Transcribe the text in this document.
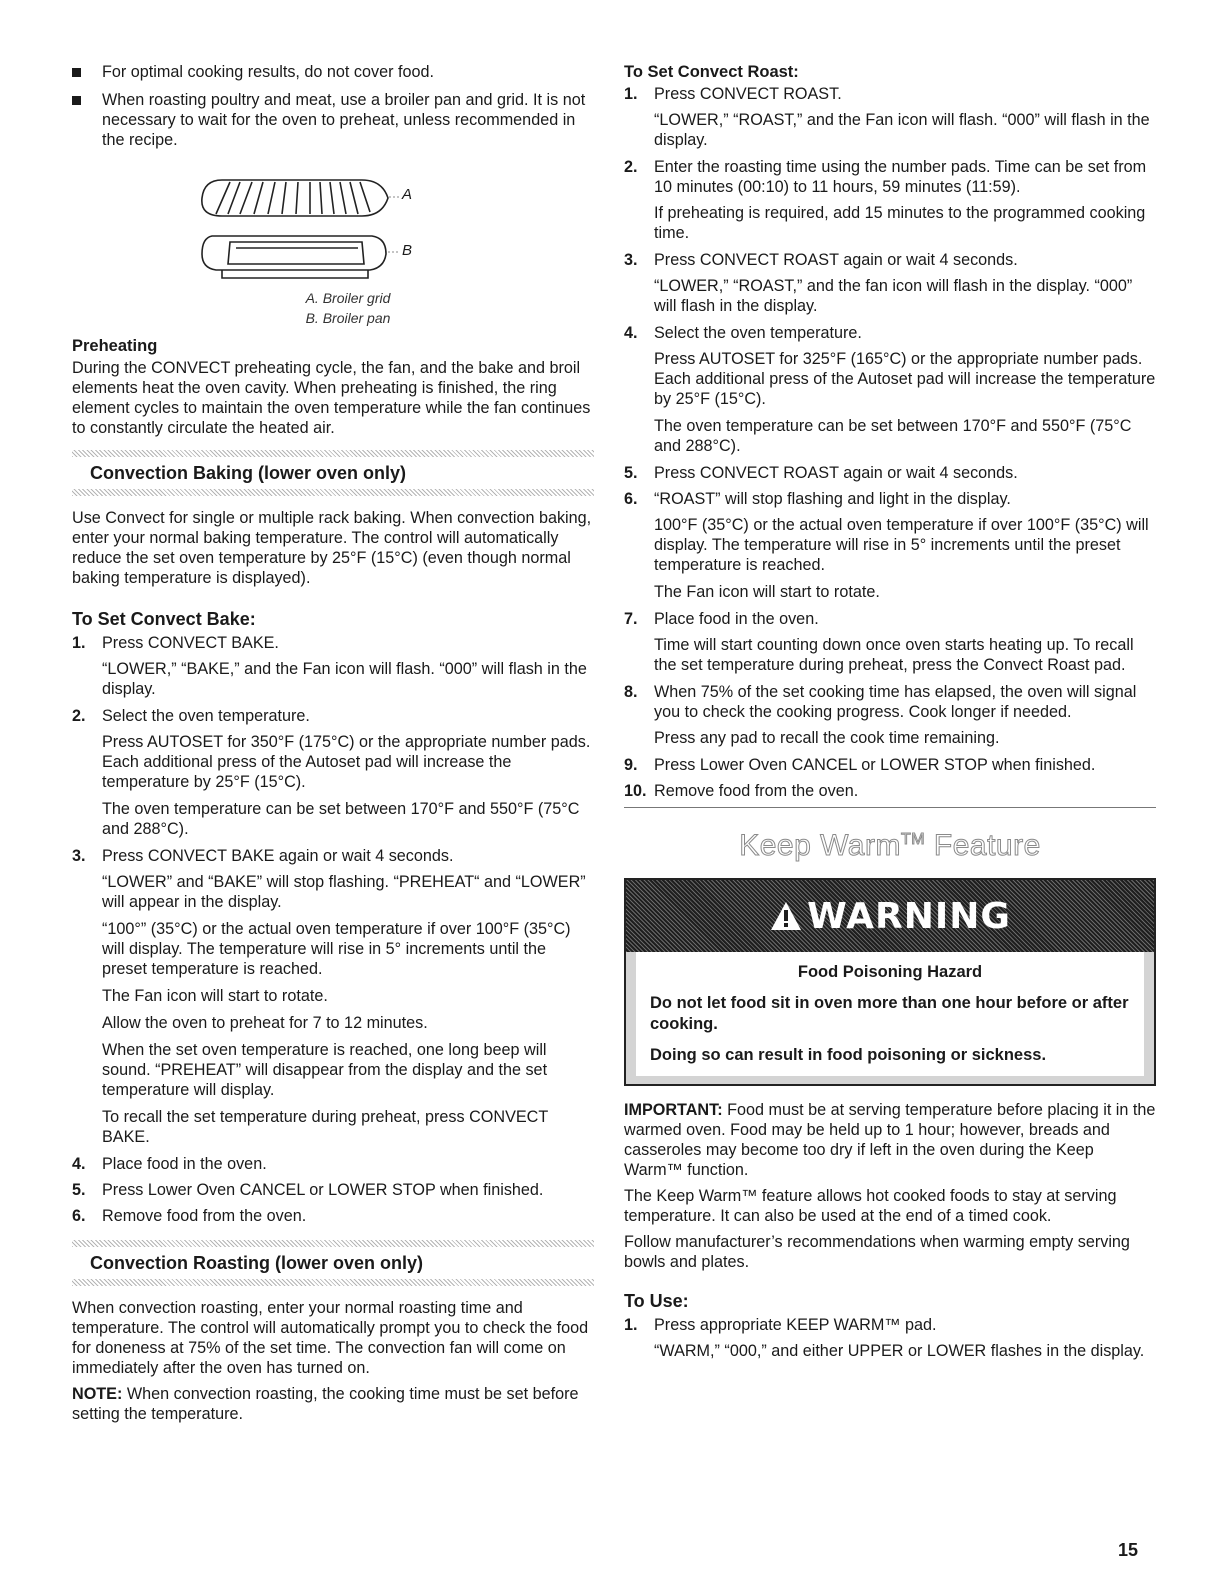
For optimal cooking results, do not cover food.
When roasting poultry and meat, use a broiler pan and grid. It is not necessary to wait for the oven to preheat, unless recommended in the recipe.
A
B

A. Broiler grid

B. Broiler pan

Preheating

During the CONVECT preheating cycle, the fan, and the bake and broil elements heat the oven cavity. When preheating is finished, the ring element cycles to maintain the oven temperature while the fan continues to constantly circulate the heated air.

Convection Baking (lower oven only)

Use Convect for single or multiple rack baking. When convection baking, enter your normal baking temperature. The control will automatically reduce the set oven temperature by 25°F (15°C) (even though normal baking temperature is displayed).

To Set Convect Bake:

1. Press CONVECT BAKE.

“LOWER,” “BAKE,” and the Fan icon will flash. “000” will flash in the display.

2. Select the oven temperature.

Press AUTOSET for 350°F (175°C) or the appropriate number pads. Each additional press of the Autoset pad will increase the temperature by 25°F (15°C).

The oven temperature can be set between 170°F and 550°F (75°C and 288°C).

3. Press CONVECT BAKE again or wait 4 seconds.

“LOWER” and “BAKE” will stop flashing. “PREHEAT“ and “LOWER” will appear in the display.

“100°” (35°C) or the actual oven temperature if over 100°F (35°C) will display. The temperature will rise in 5° increments until the preset temperature is reached.

The Fan icon will start to rotate.

Allow the oven to preheat for 7 to 12 minutes.

When the set oven temperature is reached, one long beep will sound. “PREHEAT” will disappear from the display and the set temperature will display.

To recall the set temperature during preheat, press CONVECT BAKE.

4. Place food in the oven.
5. Press Lower Oven CANCEL or LOWER STOP when finished.
6. Remove food from the oven.

Convection Roasting (lower oven only)

When convection roasting, enter your normal roasting time and temperature. The control will automatically prompt you to check the food for doneness at 75% of the set time. The convection fan will come on immediately after the oven has turned on.

NOTE: When convection roasting, the cooking time must be set before setting the temperature.

To Set Convect Roast:

1. Press CONVECT ROAST.

“LOWER,” “ROAST,” and the Fan icon will flash. “000” will flash in the display.

2. Enter the roasting time using the number pads. Time can be set from 10 minutes (00:10) to 11 hours, 59 minutes (11:59).

If preheating is required, add 15 minutes to the programmed cooking time.

3. Press CONVECT ROAST again or wait 4 seconds.

“LOWER,” “ROAST,” and the fan icon will flash in the display. “000” will flash in the display.

4. Select the oven temperature.

Press AUTOSET for 325°F (165°C) or the appropriate number pads. Each additional press of the Autoset pad will increase the temperature by 25°F (15°C).

The oven temperature can be set between 170°F and 550°F (75°C and 288°C).

5. Press CONVECT ROAST again or wait 4 seconds.
6. “ROAST” will stop flashing and light in the display.

100°F (35°C) or the actual oven temperature if over 100°F (35°C) will display. The temperature will rise in 5° increments until the preset temperature is reached.

The Fan icon will start to rotate.

7. Place food in the oven.

Time will start counting down once oven starts heating up. To recall the set temperature during preheat, press the Convect Roast pad.

8. When 75% of the set cooking time has elapsed, the oven will signal you to check the cooking progress. Cook longer if needed.

Press any pad to recall the cook time remaining.

9. Press Lower Oven CANCEL or LOWER STOP when finished.
10. Remove food from the oven.

Keep Warm™ Feature

WARNING

Food Poisoning Hazard

Do not let food sit in oven more than one hour before or after cooking.

Doing so can result in food poisoning or sickness.

IMPORTANT: Food must be at serving temperature before placing it in the warmed oven. Food may be held up to 1 hour; however, breads and casseroles may become too dry if left in the oven during the Keep Warm™ function.

The Keep Warm™ feature allows hot cooked foods to stay at serving temperature. It can also be used at the end of a timed cook.

Follow manufacturer’s recommendations when warming empty serving bowls and plates.

To Use:

1. Press appropriate KEEP WARM™ pad.

“WARM,” “000,” and either UPPER or LOWER flashes in the display.

15
